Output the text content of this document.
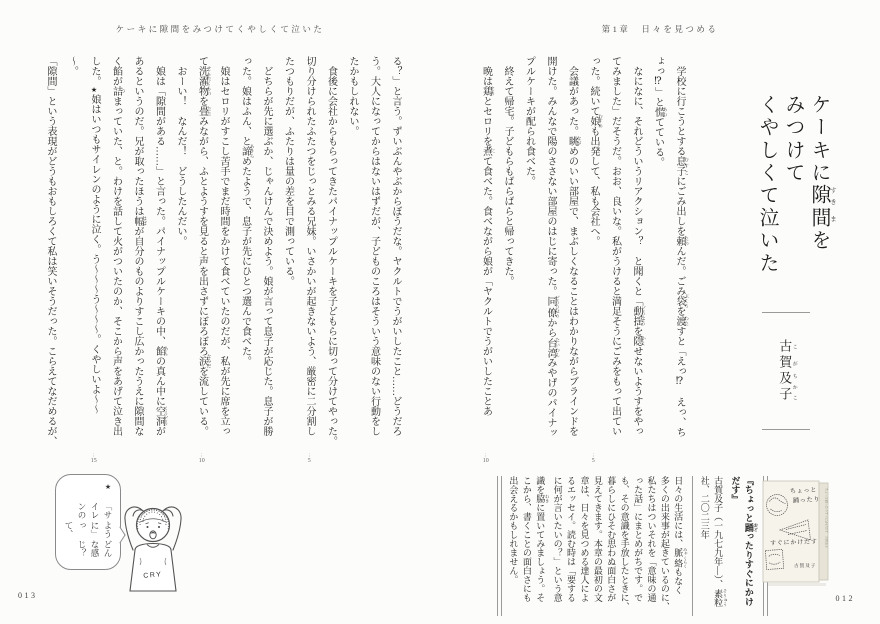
ケーキに隙間をみつけてくやしくて泣いた

る？」と言う。ずいぶんやぶからぼうだな。ヤクルトでうがいしたこと……どうだろ

う。大人になってからはないはずだが、子どものころはそういう意味のない行動をし

たかもしれない。

　食後に会社からもらってきたパイナップルケーキを子どもらに切って分けてやった。

切り分けられたふたつをじっとみる兄妹。いさかいが起きないよう、厳密に二分割し
⋮ 5

たつもりだが、ふたりは量の差を目で測っている。

　どちらが先に選ぶか、じゃんけんで決めよう。娘が言って息子が応じた。息子が勝

った。娘はふん、と諦 あきらめたようで、息子が先にひとつ選んで食べた。

　娘はセロリがすこし苦手でまだ時間をかけて食べていたのだが、私が先に席を立っ

て洗濯物 せんたくものを畳 たたみながら、ふとようすを見ると声を出さずにぼろぼろ涙 なみだを流している。
⋮ 10

　おーい！　なんだ！　どうしたんだい。

　娘は「隙間がある……」と言った。パイナップルケーキの中、餡 あんの真ん中に空洞 くうどうが

あるというのだ。兄が取ったほうは幅 はばが自分のものよりすこし広かったうえに隙間な

く餡が詰 つまっていた、と。わけを話して火がついたのか、そこから声をあげて泣き出

した。★娘はいつもサイレンのように泣く。う～～～う～～～。くやしいよ～～
⋮ 15

～。

「隙間」という表現がどうもおもしろくて私は笑いそうだった。こらえてなだめるが、

★

「サイレンの

ように」って、

どんな感じ？

CRY
013
第1章　日々を見つめる

ケーキに隙 すき間 まを

みつけて

くやしくて泣いた

古賀 こが及子 ちかこ

　学校に行こうとする息子 むすこにごみ出しを頼 たのんだ。ごみ袋 ぶくろを渡 わたすと「えっ⁉　えっ、ち

ょっ⁉」と慌 あわてている。

　なになに、それどういうリアクション？　と聞くと「動揺 どうようを隠 かくせないようすをやっ

てみました」だそうだ。おお、良いな。私がうけると満足そうにごみをもって出てい

った。続いて娘 むすめも出発して、私も会社へ。
⋮ 5

　会議があった。眺 ながめのいい部屋で、まぶしくなることはわかりながらブラインドを

開けた。みんなで陽のささない部屋のはじに寄った。同僚 どうりょうから台湾 たいわんみやげのパイナッ

プルケーキが配られ食べた。

　終えて帰宅。子どもらもばらばらと帰ってきた。

　晩は鶏 とりとセロリを煮 にて食べた。食べながら娘が「ヤクルトでうがいしたことあ
⋮ 10

『ちょっと踊 おどったりすぐにかけ

だす』

古賀及子（一九七九年―）、素粒 そりゅう

社、二〇二三年

日々の生活には、脈絡 みゃくらくもなく

多くの出来事が起きているのに、

私たちはついそれを「意味の通

った話」にまとめがちです。で

も、その意識を手放したときに、

暮らしにひそむ思わぬ面白さが

見えてきます。本章の最初の文

章は、日々を見つめる達人によ

るエッセイ。読む時は「要する

に何が言いたいの？」という意

識を脇 わきに置いてみましょう。そ

こから、書くことの面白さにも

出会えるかもしれません。	ちょっと踊ったりすぐにかけだす　古賀及子
ちょっと
踊ったり
すぐにかけだす
古賀及子
012
